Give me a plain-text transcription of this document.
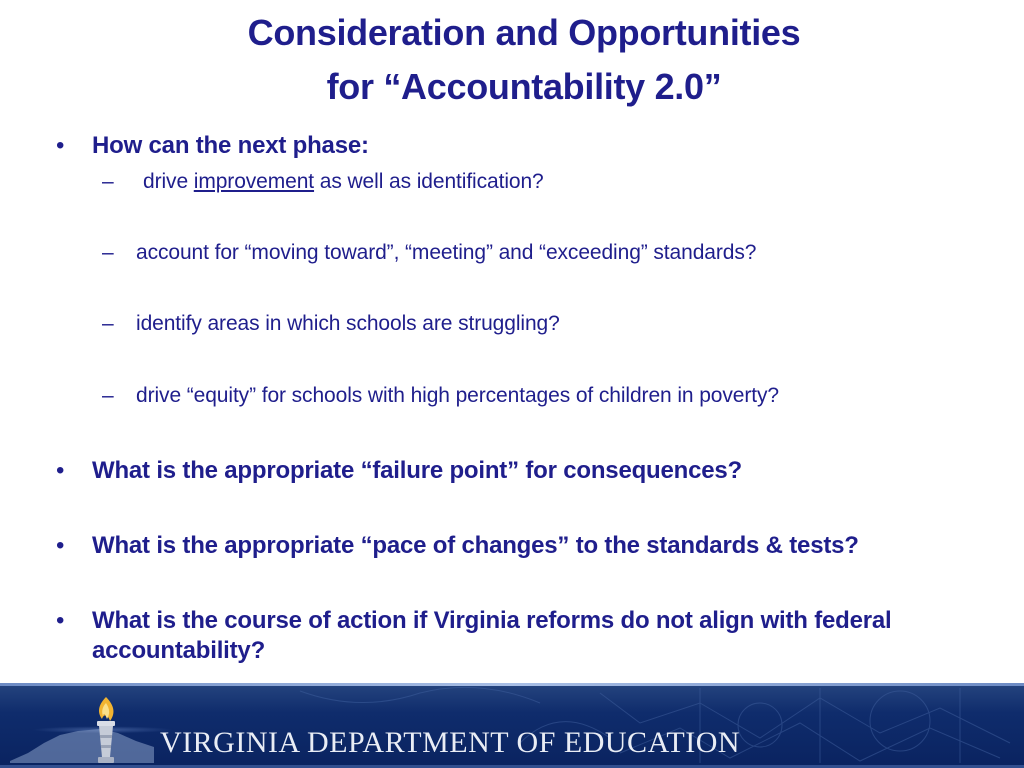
Consideration and Opportunities
for “Accountability 2.0”
• How can the next phase:
– drive improvement as well as identification?
– account for “moving toward”, “meeting” and “exceeding” standards?
– identify areas in which schools are struggling?
– drive “equity” for schools with high percentages of children in poverty?
• What is the appropriate “failure point” for consequences?
• What is the appropriate “pace of changes” to the standards & tests?
• What is the course of action if Virginia reforms do not align with federal accountability?
VIRGINIA DEPARTMENT OF EDUCATION
